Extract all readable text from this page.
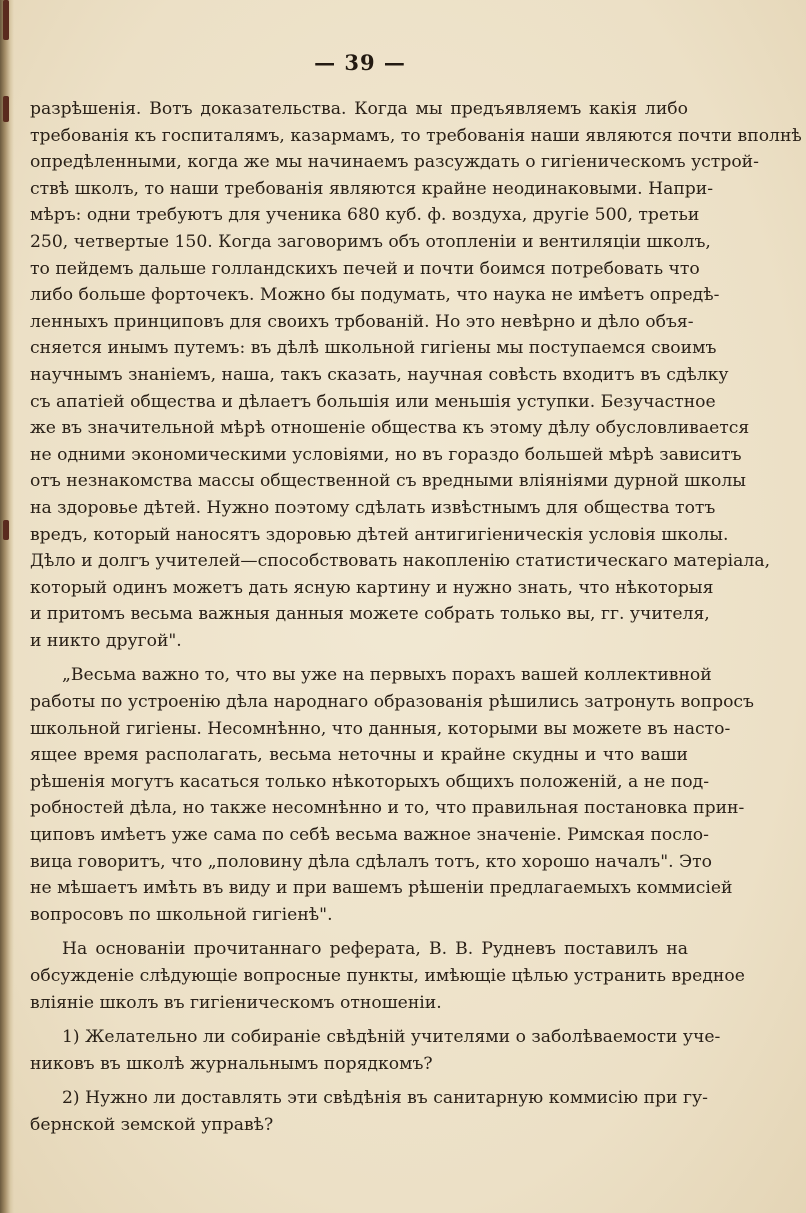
— 39 —
разрѣшенія. Вотъ доказательства. Когда мы предъявляемъ какія либо
требованія къ госпиталямъ, казармамъ, то требованія наши являются почти вполнѣ
опредѣленными, когда же мы начинаемъ разсуждать о гигіеническомъ устрой-
ствѣ школъ, то наши требованія являются крайне неодинаковыми. Напри-
мѣръ: одни требуютъ для ученика 680 куб. ф. воздуха, другіе 500, третьи
250, четвертые 150. Когда заговоримъ объ отопленіи и вентиляціи школъ,
то пейдемъ дальше голландскихъ печей и почти боимся потребовать что
либо больше форточекъ. Можно бы подумать, что наука не имѣетъ опредѣ-
ленныхъ принциповъ для своихъ трбованій. Но это невѣрно и дѣло объя-
сняется инымъ путемъ: въ дѣлѣ школьной гигіены мы поступаемся своимъ
научнымъ знаніемъ, наша, такъ сказать, научная совѣсть входитъ въ сдѣлку
съ апатіей общества и дѣлаетъ большія или меньшія уступки. Безучастное
же въ значительной мѣрѣ отношеніе общества къ этому дѣлу обусловливается
не одними экономическими условіями, но въ гораздо большей мѣрѣ зависитъ
отъ незнакомства массы общественной съ вредными вліяніями дурной школы
на здоровье дѣтей. Нужно поэтому сдѣлать извѣстнымъ для общества тотъ
вредъ, который наносятъ здоровью дѣтей антигигіеническія условія школы.
Дѣло и долгъ учителей—способствовать накопленію статистическаго матеріала,
который одинъ можетъ дать ясную картину и нужно знать, что нѣкоторыя
и притомъ весьма важныя данныя можете собрать только вы, гг. учителя,
и никто другой".
„Весьма важно то, что вы уже на первыхъ порахъ вашей коллективной
работы по устроенію дѣла народнаго образованія рѣшились затронуть вопросъ
школьной гигіены. Несомнѣнно, что данныя, которыми вы можете въ насто-
ящее время располагать, весьма неточны и крайне скудны и что ваши
рѣшенія могутъ касаться только нѣкоторыхъ общихъ положеній, а не под-
робностей дѣла, но также несомнѣнно и то, что правильная постановка прин-
циповъ имѣетъ уже сама по себѣ весьма важное значеніе. Римская посло-
вица говоритъ, что „половину дѣла сдѣлалъ тотъ, кто хорошо началъ". Это
не мѣшаетъ имѣть въ виду и при вашемъ рѣшеніи предлагаемыхъ коммисіей
вопросовъ по школьной гигіенѣ".
На основаніи прочитаннаго реферата, В. В. Рудневъ поставилъ на
обсужденіе слѣдующіе вопросные пункты, имѣющіе цѣлью устранить вредное
вліяніе школъ въ гигіеническомъ отношеніи.
1) Желательно ли собираніе свѣдѣній учителями о заболѣваемости уче-
никовъ въ школѣ журнальнымъ порядкомъ?
2) Нужно ли доставлять эти свѣдѣнія въ санитарную коммисію при гу-
бернской земской управѣ?
